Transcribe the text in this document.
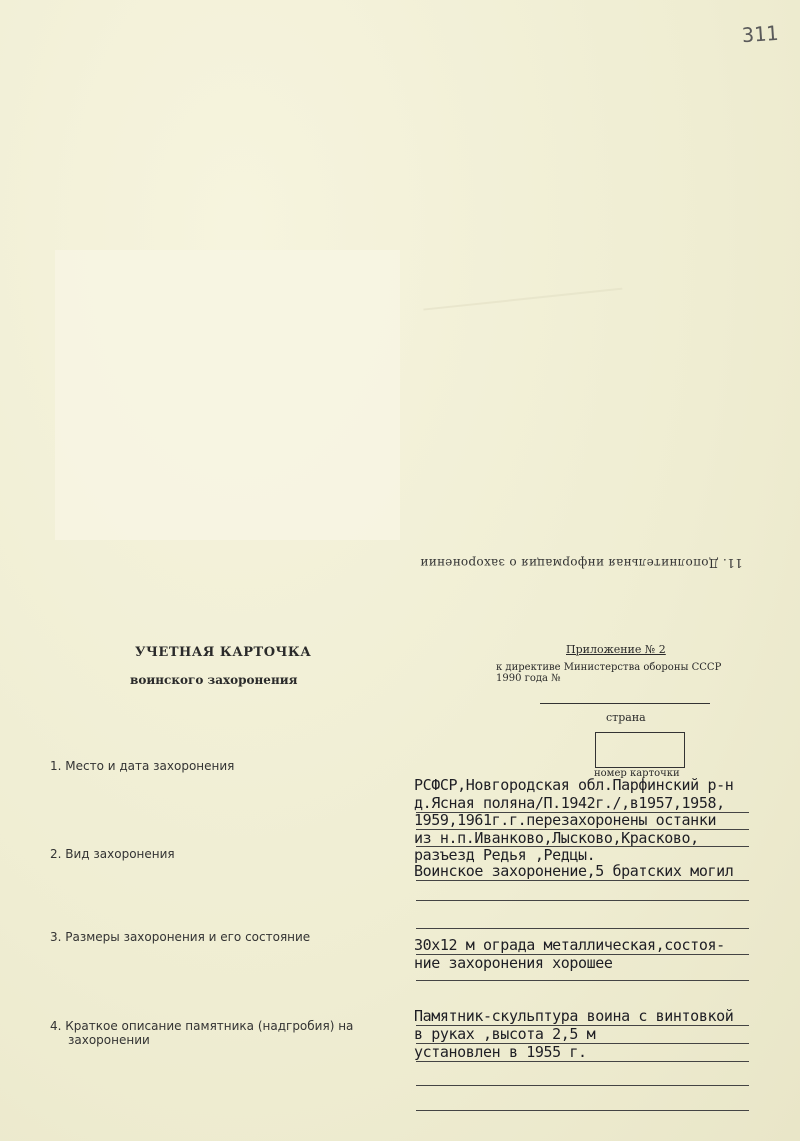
311
11. Дополнительная информация о захоронении
УЧЕТНАЯ КАРТОЧКА
воинского захоронения
Приложение № 2
к директиве Министерства обороны СССР
1990 года №
страна
номер карточки
1. Место и дата захоронения
РСФСР,Новгородская обл.Парфинский р-н
д.Ясная поляна/П.1942г./,в1957,1958,
1959,1961г.г.перезахоронены останки
из н.п.Иванково,Лысково,Красково,
разъезд Редья ,Редцы.
2. Вид захоронения
Воинское захоронение,5 братских могил
3. Размеры захоронения и его состояние	30х12 м ограда металлическая,состоя-
ние захоронения хорошее
4. Краткое описание памятника (надгробия) на
захоронении
Памятник-скульптура воина с винтовкой
в руках ,высота 2,5 м
установлен в 1955 г.
